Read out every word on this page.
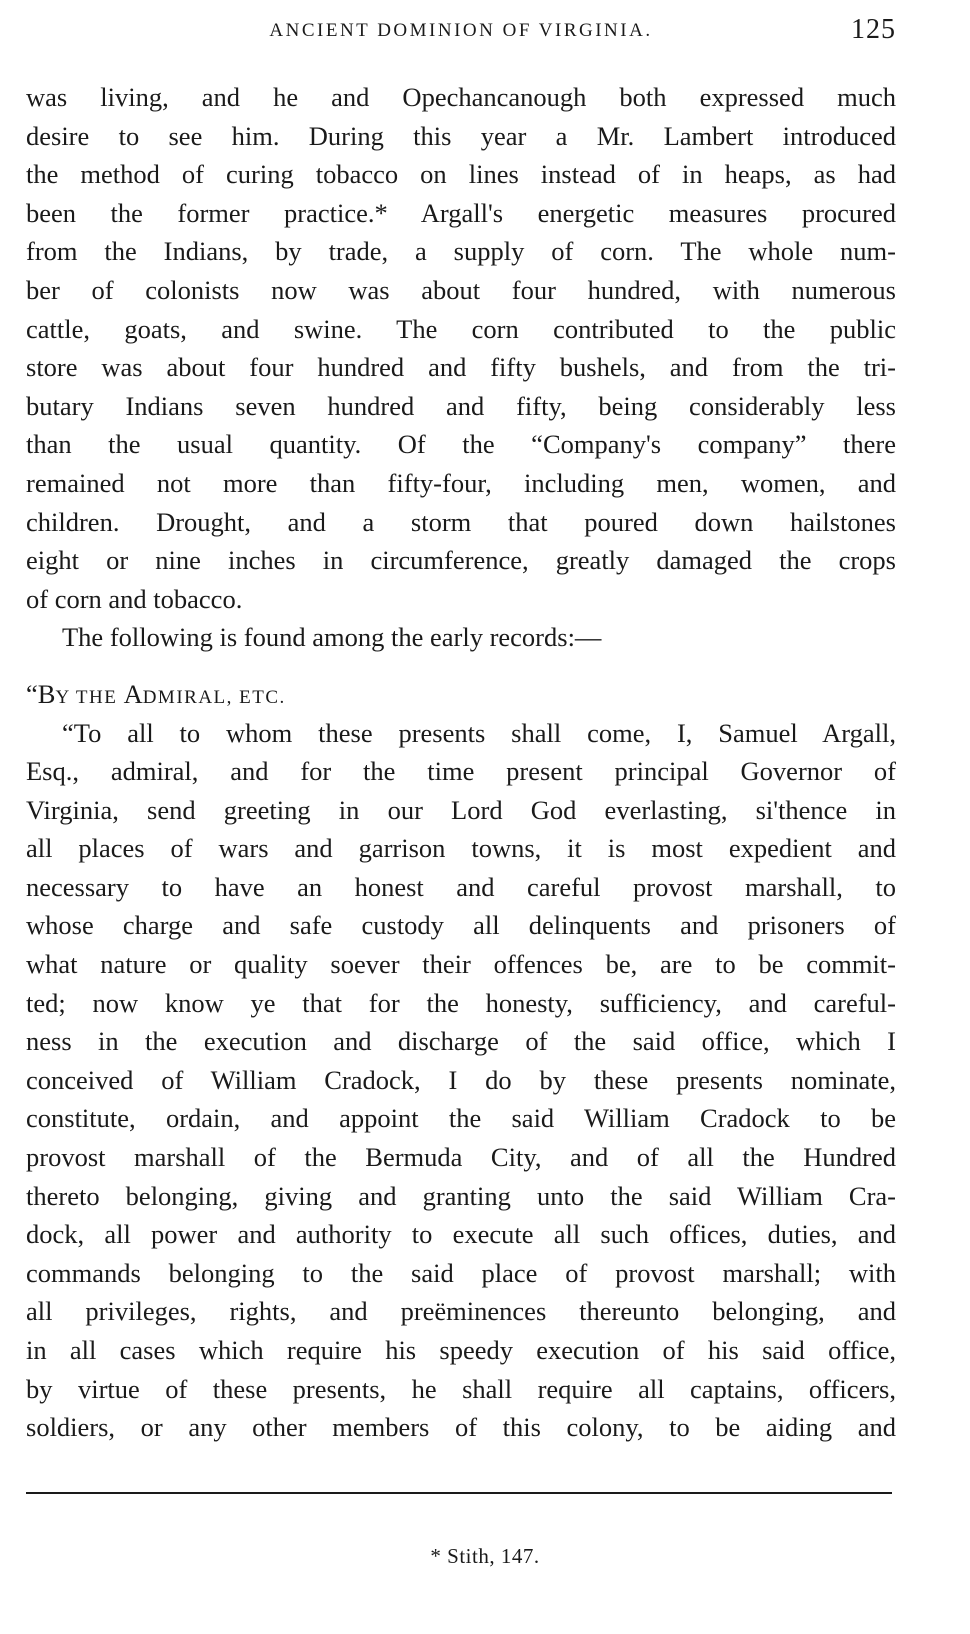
ANCIENT DOMINION OF VIRGINIA.	125
was living, and he and Opechancanough both expressed much
desire to see him. During this year a Mr. Lambert introduced
the method of curing tobacco on lines instead of in heaps, as had
been the former practice.* Argall's energetic measures procured
from the Indians, by trade, a supply of corn. The whole num-
ber of colonists now was about four hundred, with numerous
cattle, goats, and swine. The corn contributed to the public
store was about four hundred and fifty bushels, and from the tri-
butary Indians seven hundred and fifty, being considerably less
than the usual quantity. Of the “Company's company” there
remained not more than fifty-four, including men, women, and
children. Drought, and a storm that poured down hailstones
eight or nine inches in circumference, greatly damaged the crops
of corn and tobacco.
The following is found among the early records:—
“BY THE ADMIRAL, ETC.
“To all to whom these presents shall come, I, Samuel Argall,
Esq., admiral, and for the time present principal Governor of
Virginia, send greeting in our Lord God everlasting, si'thence in
all places of wars and garrison towns, it is most expedient and
necessary to have an honest and careful provost marshall, to
whose charge and safe custody all delinquents and prisoners of
what nature or quality soever their offences be, are to be commit-
ted; now know ye that for the honesty, sufficiency, and careful-
ness in the execution and discharge of the said office, which I
conceived of William Cradock, I do by these presents nominate,
constitute, ordain, and appoint the said William Cradock to be
provost marshall of the Bermuda City, and of all the Hundred
thereto belonging, giving and granting unto the said William Cra-
dock, all power and authority to execute all such offices, duties, and
commands belonging to the said place of provost marshall; with
all privileges, rights, and preëminences thereunto belonging, and
in all cases which require his speedy execution of his said office,
by virtue of these presents, he shall require all captains, officers,
soldiers, or any other members of this colony, to be aiding and
* Stith, 147.
